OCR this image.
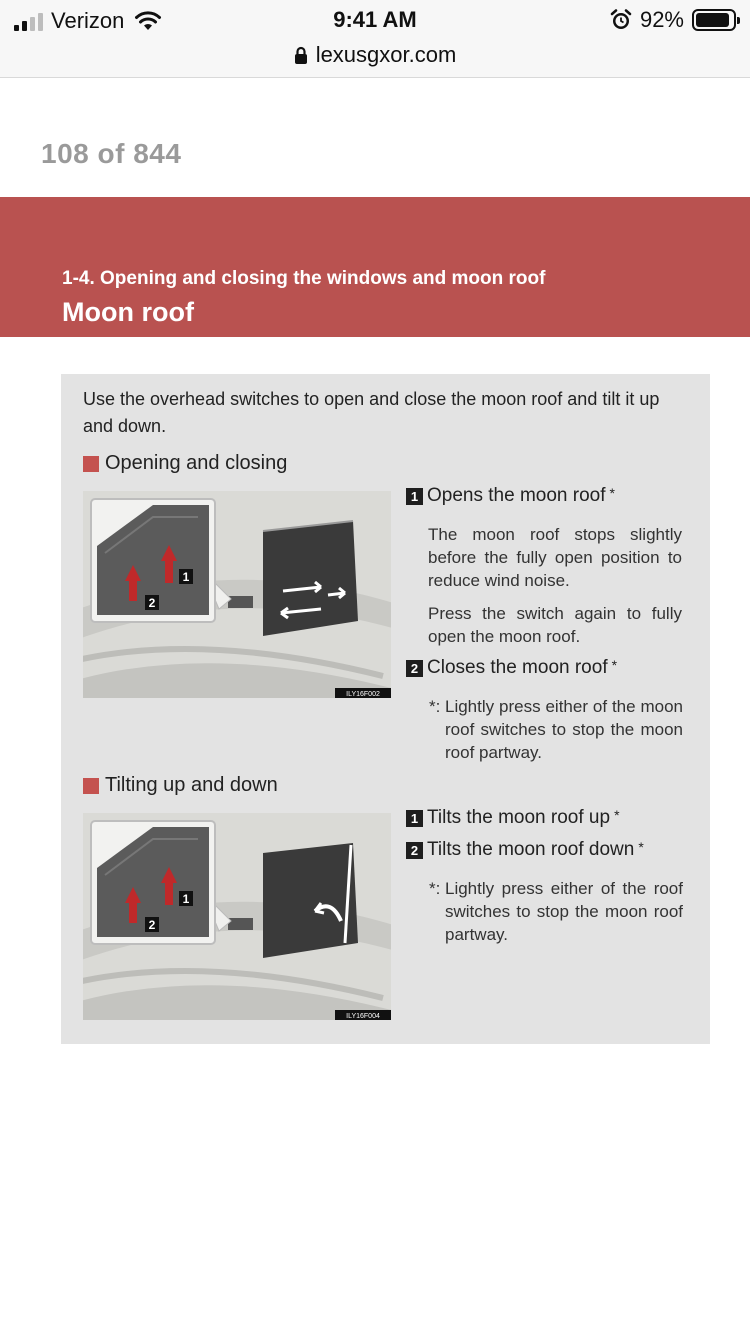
Verizon	9:41 AM	92%
lexusgxor.com
108 of 844
1-4. Opening and closing the windows and moon roof
Moon roof
Use the overhead switches to open and close the moon roof and tilt it up and down.
Opening and closing
1
2
ILY16F002
1 Opens the moon roof *
The moon roof stops slightly before the fully open position to reduce wind noise.
Press the switch again to fully open the moon roof.
2 Closes the moon roof *
*: Lightly press either of the moon roof switches to stop the moon roof partway.
Tilting up and down
1
2
ILY16F004
1 Tilts the moon roof up *
2 Tilts the moon roof down *
*: Lightly press either of the roof switches to stop the moon roof partway.
